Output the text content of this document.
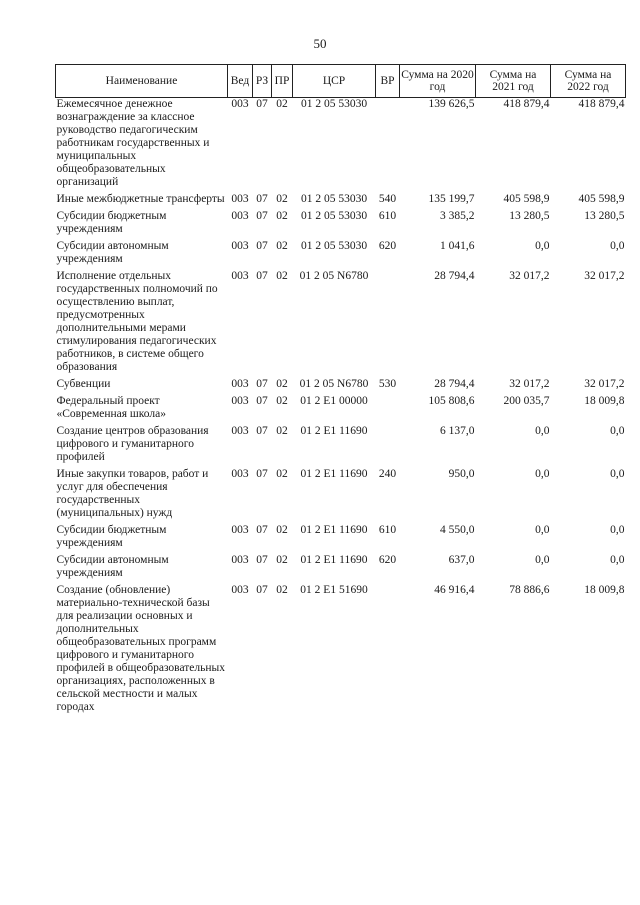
50
Наименование	Вед	РЗ	ПР	ЦСР	ВР	Сумма на 2020 год	Сумма на 2021 год	Сумма на 2022 год
Ежемесячное денежное вознаграждение за классное руководство педагогическим работникам государственных и муниципальных общеобразовательных организаций	003	07	02	01 2 05 53030		139 626,5	418 879,4	418 879,4
Иные межбюджетные трансферты	003	07	02	01 2 05 53030	540	135 199,7	405 598,9	405 598,9
Субсидии бюджетным учреждениям	003	07	02	01 2 05 53030	610	3 385,2	13 280,5	13 280,5
Субсидии автономным учреждениям	003	07	02	01 2 05 53030	620	1 041,6	0,0	0,0
Исполнение отдельных государственных полномочий по осуществлению выплат, предусмотренных дополнительными мерами стимулирования педагогических работников, в системе общего образования	003	07	02	01 2 05 N6780		28 794,4	32 017,2	32 017,2
Субвенции	003	07	02	01 2 05 N6780	530	28 794,4	32 017,2	32 017,2
Федеральный проект «Современная школа»	003	07	02	01 2 E1 00000		105 808,6	200 035,7	18 009,8
Создание центров образования цифрового и гуманитарного профилей	003	07	02	01 2 E1 11690		6 137,0	0,0	0,0
Иные закупки товаров, работ и услуг для обеспечения государственных (муниципальных) нужд	003	07	02	01 2 E1 11690	240	950,0	0,0	0,0
Субсидии бюджетным учреждениям	003	07	02	01 2 E1 11690	610	4 550,0	0,0	0,0
Субсидии автономным учреждениям	003	07	02	01 2 E1 11690	620	637,0	0,0	0,0
Создание (обновление) материально-технической базы для реализации основных и дополнительных общеобразовательных программ цифрового и гуманитарного профилей в общеобразовательных организациях, расположенных в сельской местности и малых городах	003	07	02	01 2 E1 51690		46 916,4	78 886,6	18 009,8
